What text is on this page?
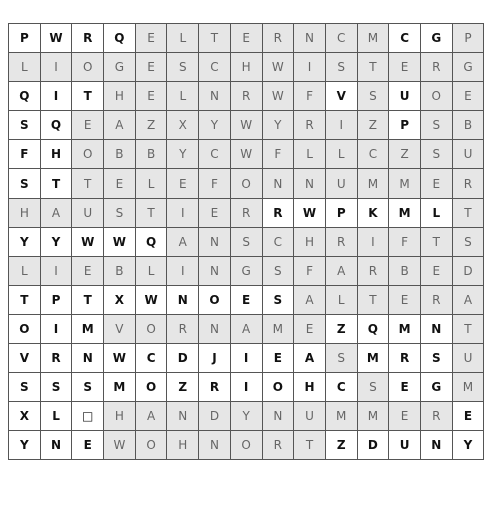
P	W	R	Q	E	L	T	E	R	N	C	M	C	G	P
L	I	O	G	E	S	C	H	W	I	S	T	E	R	G
Q	I	T	H	E	L	N	R	W	F	V	S	U	O	E
S	Q	E	A	Z	X	Y	W	Y	R	I	Z	P	S	B
F	H	O	B	B	Y	C	W	F	L	L	C	Z	S	U
S	T	T	E	L	E	F	O	N	N	U	M	M	E	R
H	A	U	S	T	I	E	R	R	W	P	K	M	L	T
Y	Y	W	W	Q	A	N	S	C	H	R	I	F	T	S
L	I	E	B	L	I	N	G	S	F	A	R	B	E	D
T	P	T	X	W	N	O	E	S	A	L	T	E	R	A
O	I	M	V	O	R	N	A	M	E	Z	Q	M	N	T
V	R	N	W	C	D	J	I	E	A	S	M	R	S	U
S	S	S	M	O	Z	R	I	O	H	C	S	E	G	M
X	L	□	H	A	N	D	Y	N	U	M	M	E	R	E
Y	N	E	W	O	H	N	O	R	T	Z	D	U	N	Y
